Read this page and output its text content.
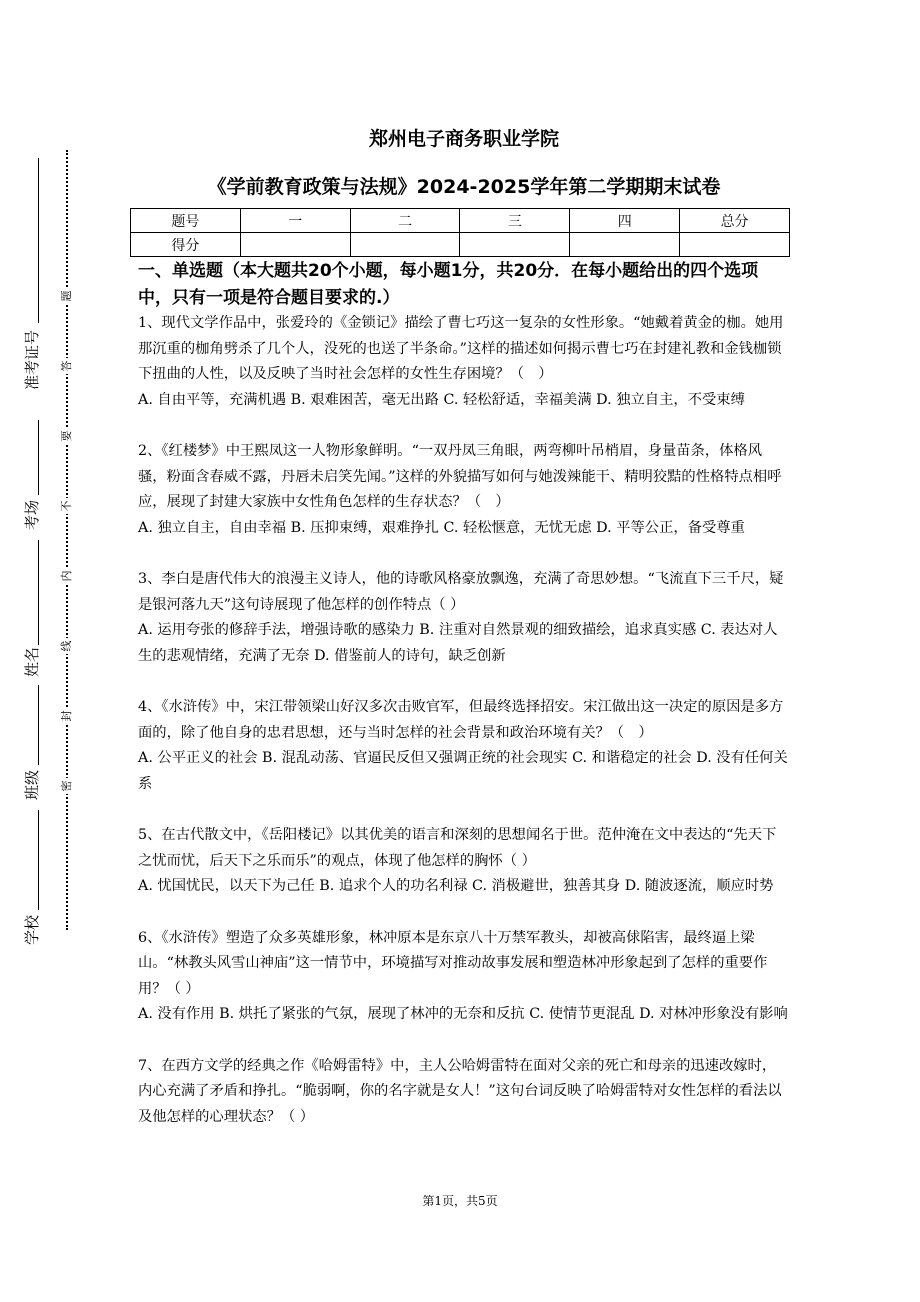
题
答
要
不
内
线
封
密
准考证号
考场
姓名
班级
学校
郑州电子商务职业学院
《学前教育政策与法规》2024-2025学年第二学期期末试卷
题号	一	二	三	四	总分
得分					
一、单选题（本大题共20个小题，每小题1分，共20分．在每小题给出的四个选项中，只有一项是符合题目要求的.）

1、现代文学作品中，张爱玲的《金锁记》描绘了曹七巧这一复杂的女性形象。“她戴着黄金的枷。她用那沉重的枷角劈杀了几个人，没死的也送了半条命。”这样的描述如何揭示曹七巧在封建礼教和金钱枷锁下扭曲的人性，以及反映了当时社会怎样的女性生存困境？（　）

A. 自由平等，充满机遇 B. 艰难困苦，毫无出路 C. 轻松舒适，幸福美满 D. 独立自主，不受束缚

2、《红楼梦》中王熙凤这一人物形象鲜明。“一双丹凤三角眼，两弯柳叶吊梢眉，身量苗条，体格风骚，粉面含春威不露，丹唇未启笑先闻。”这样的外貌描写如何与她泼辣能干、精明狡黠的性格特点相呼应，展现了封建大家族中女性角色怎样的生存状态？（　）

A. 独立自主，自由幸福 B. 压抑束缚，艰难挣扎 C. 轻松惬意，无忧无虑 D. 平等公正，备受尊重

3、李白是唐代伟大的浪漫主义诗人，他的诗歌风格豪放飘逸，充满了奇思妙想。“飞流直下三千尺，疑是银河落九天”这句诗展现了他怎样的创作特点（ ）

A. 运用夸张的修辞手法，增强诗歌的感染力 B. 注重对自然景观的细致描绘，追求真实感 C. 表达对人生的悲观情绪，充满了无奈 D. 借鉴前人的诗句，缺乏创新

4、《水浒传》中，宋江带领梁山好汉多次击败官军，但最终选择招安。宋江做出这一决定的原因是多方面的，除了他自身的忠君思想，还与当时怎样的社会背景和政治环境有关？（　）

A. 公平正义的社会 B. 混乱动荡、官逼民反但又强调正统的社会现实 C. 和谐稳定的社会 D. 没有任何关系

5、在古代散文中，《岳阳楼记》以其优美的语言和深刻的思想闻名于世。范仲淹在文中表达的“先天下之忧而忧，后天下之乐而乐”的观点，体现了他怎样的胸怀（ ）

A. 忧国忧民，以天下为己任 B. 追求个人的功名利禄 C. 消极避世，独善其身 D. 随波逐流，顺应时势

6、《水浒传》塑造了众多英雄形象，林冲原本是东京八十万禁军教头，却被高俅陷害，最终逼上梁山。“林教头风雪山神庙”这一情节中，环境描写对推动故事发展和塑造林冲形象起到了怎样的重要作用？（ ）

A. 没有作用 B. 烘托了紧张的气氛，展现了林冲的无奈和反抗 C. 使情节更混乱 D. 对林冲形象没有影响

7、在西方文学的经典之作《哈姆雷特》中，主人公哈姆雷特在面对父亲的死亡和母亲的迅速改嫁时，内心充满了矛盾和挣扎。“脆弱啊，你的名字就是女人！”这句台词反映了哈姆雷特对女性怎样的看法以及他怎样的心理状态？（ ）

第1页，共5页
